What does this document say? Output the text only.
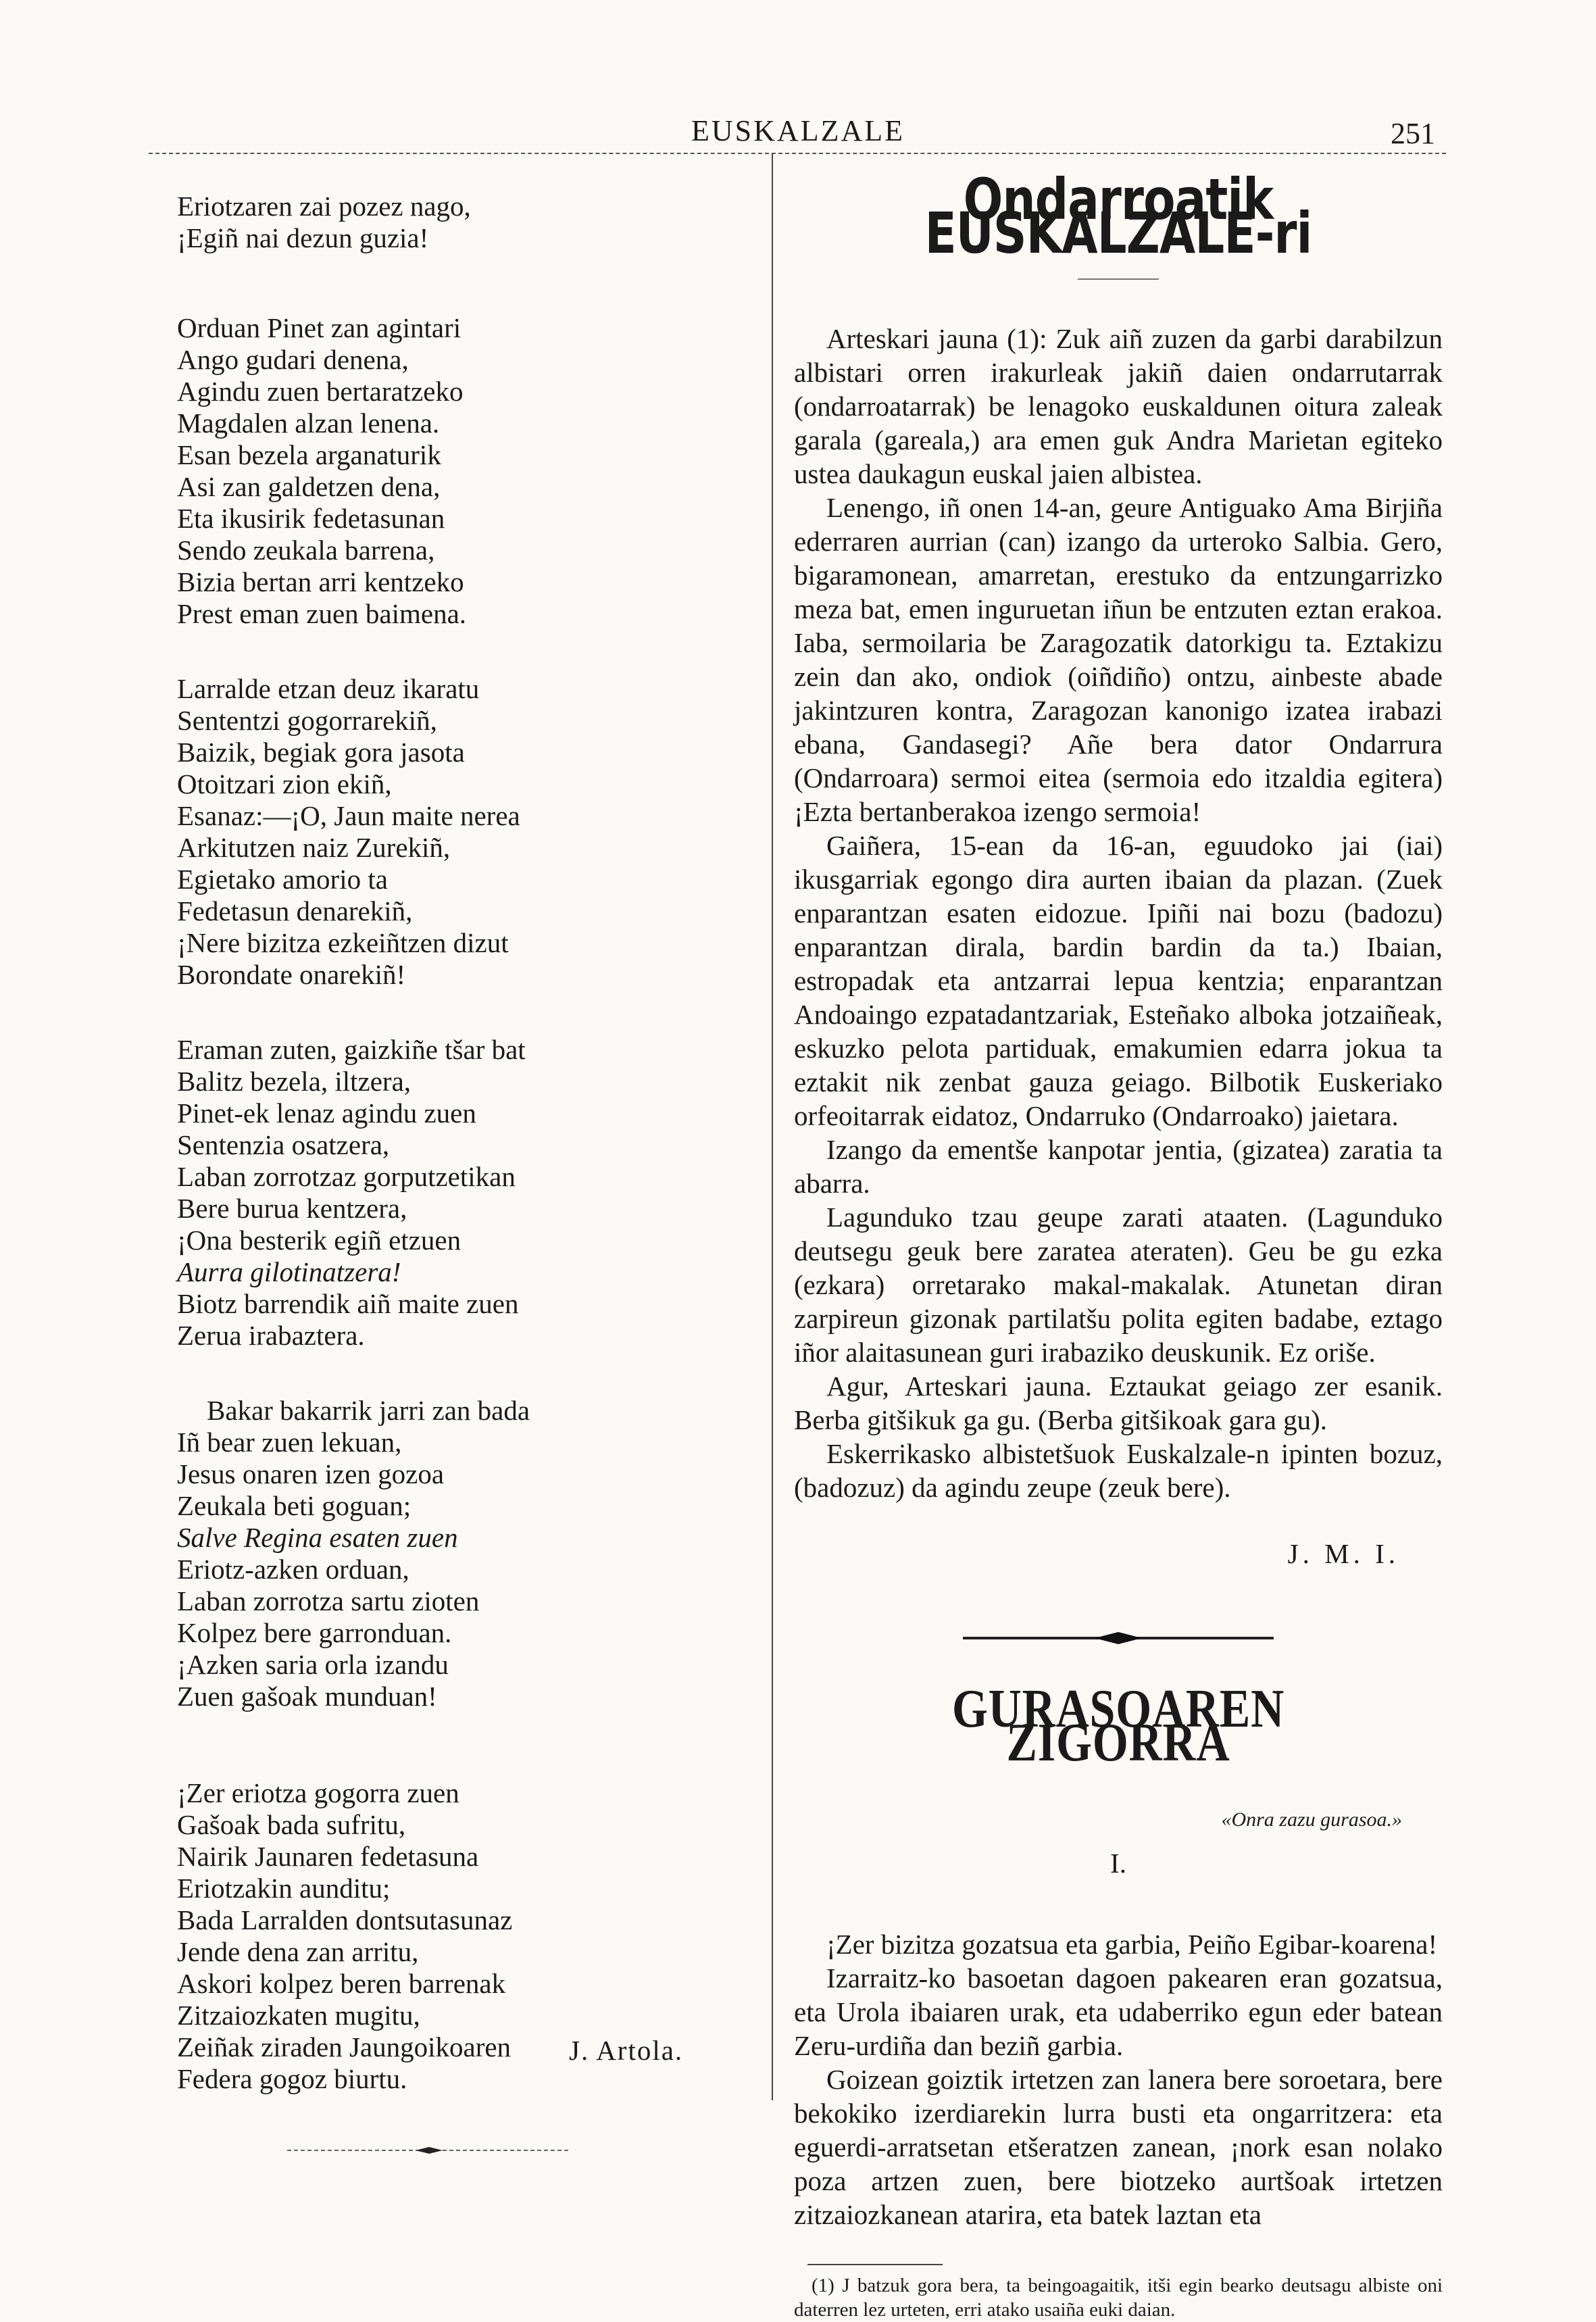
EUSKALZALE	251
Eriotzaren zai pozez nago,
¡Egiñ nai dezun guzia!
Orduan Pinet zan agintari
Ango gudari denena,
Agindu zuen bertaratzeko
Magdalen alzan lenena.
Esan bezela arganaturik
Asi zan galdetzen dena,
Eta ikusirik fedetasunan
Sendo zeukala barrena,
Bizia bertan arri kentzeko
Prest eman zuen baimena.
Larralde etzan deuz ikaratu
Sententzi gogorrarekiñ,
Baizik, begiak gora jasota
Otoitzari zion ekiñ,
Esanaz:—¡O, Jaun maite nerea
Arkitutzen naiz Zurekiñ,
Egietako amorio ta
Fedetasun denarekiñ,
¡Nere bizitza ezkeiñtzen dizut
Borondate onarekiñ!
Eraman zuten, gaizkiñe tšar bat
Balitz bezela, iltzera,
Pinet-ek lenaz agindu zuen
Sentenzia osatzera,
Laban zorrotzaz gorputzetikan
Bere burua kentzera,
¡Ona besterik egiñ etzuen
Aurra gilotinatzera!
Biotz barrendik aiñ maite zuen
Zerua irabaztera.
Bakar bakarrik jarri zan bada
Iñ bear zuen lekuan,
Jesus onaren izen gozoa
Zeukala beti goguan;
Salve Regina esaten zuen
Eriotz-azken orduan,
Laban zorrotza sartu zioten
Kolpez bere garronduan.
¡Azken saria orla izandu
Zuen gašoak munduan!
¡Zer eriotza gogorra zuen
Gašoak bada sufritu,
Nairik Jaunaren fedetasuna
Eriotzakin aunditu;
Bada Larralden dontsutasunaz
Jende dena zan arritu,
Askori kolpez beren barrenak
Zitzaiozkaten mugitu,
Zeiñak ziraden Jaungoikoaren
Federa gogoz biurtu.
J. Artola.
Ondarroatik EUSKALZALE-ri

Arteskari jauna (1): Zuk aiñ zuzen da garbi darabilzun albistari orren irakurleak jakiñ daien ondarrutarrak (ondarroatarrak) be lenagoko euskaldunen oitura zaleak garala (gareala,) ara emen guk Andra Marietan egiteko ustea daukagun euskal jaien albistea.

Lenengo, iñ onen 14-an, geure Antiguako Ama Birjiña ederraren aurrian (can) izango da urteroko Salbia. Gero, bigaramonean, amarretan, erestuko da entzungarrizko meza bat, emen inguruetan iñun be entzuten eztan erakoa. Iaba, sermoilaria be Zaragozatik datorkigu ta. Eztakizu zein dan ako, ondiok (oiñdiño) ontzu, ainbeste abade jakintzuren kontra, Zaragozan kanonigo izatea irabazi ebana, Gandasegi? Añe bera dator Ondarrura (Ondarroara) sermoi eitea (sermoia edo itzaldia egitera) ¡Ezta bertanberakoa izengo sermoia!

Gaiñera, 15-ean da 16-an, eguudoko jai (iai) ikusgarriak egongo dira aurten ibaian da plazan. (Zuek enparantzan esaten eidozue. Ipiñi nai bozu (badozu) enparantzan dirala, bardin bardin da ta.) Ibaian, estropadak eta antzarrai lepua kentzia; enparantzan Andoaingo ezpatadantzariak, Esteñako alboka jotzaiñeak, eskuzko pelota partiduak, emakumien edarra jokua ta eztakit nik zenbat gauza geiago. Bilbotik Euskeriako orfeoitarrak eidatoz, Ondarruko (Ondarroako) jaietara.

Izango da ementše kanpotar jentia, (gizatea) zaratia ta abarra.

Lagunduko tzau geupe zarati ataaten. (Lagunduko deutsegu geuk bere zaratea ateraten). Geu be gu ezka (ezkara) orretarako makal-makalak. Atunetan diran zarpireun gizonak partilatšu polita egiten badabe, eztago iñor alaitasunean guri irabaziko deuskunik. Ez oriše.

Agur, Arteskari jauna. Eztaukat geiago zer esanik. Berba gitšikuk ga gu. (Berba gitšikoak gara gu).

Eskerrikasko albistetšuok Euskalzale-n ipinten bozuz, (badozuz) da agindu zeupe (zeuk bere).

J. M. I.

GURASOAREN ZIGORRA

«Onra zazu gurasoa.»

I.

¡Zer bizitza gozatsua eta garbia, Peiño Egibar-koarena!

Izarraitz-ko basoetan dagoen pakearen eran gozatsua, eta Urola ibaiaren urak, eta udaberriko egun eder batean Zeru-urdiña dan beziñ garbia.

Goizean goiztik irtetzen zan lanera bere soroetara, bere bekokiko izerdiarekin lurra busti eta ongarritzera: eta eguerdi-arratsetan etšeratzen zanean, ¡nork esan nolako poza artzen zuen, bere biotzeko aurtšoak irtetzen zitzaiozkanean atarira, eta batek laztan eta

(1) J batzuk gora bera, ta beingoagaitik, itši egin bearko deutsagu albiste oni daterren lez urteten, erri atako usaiña euki daian.
